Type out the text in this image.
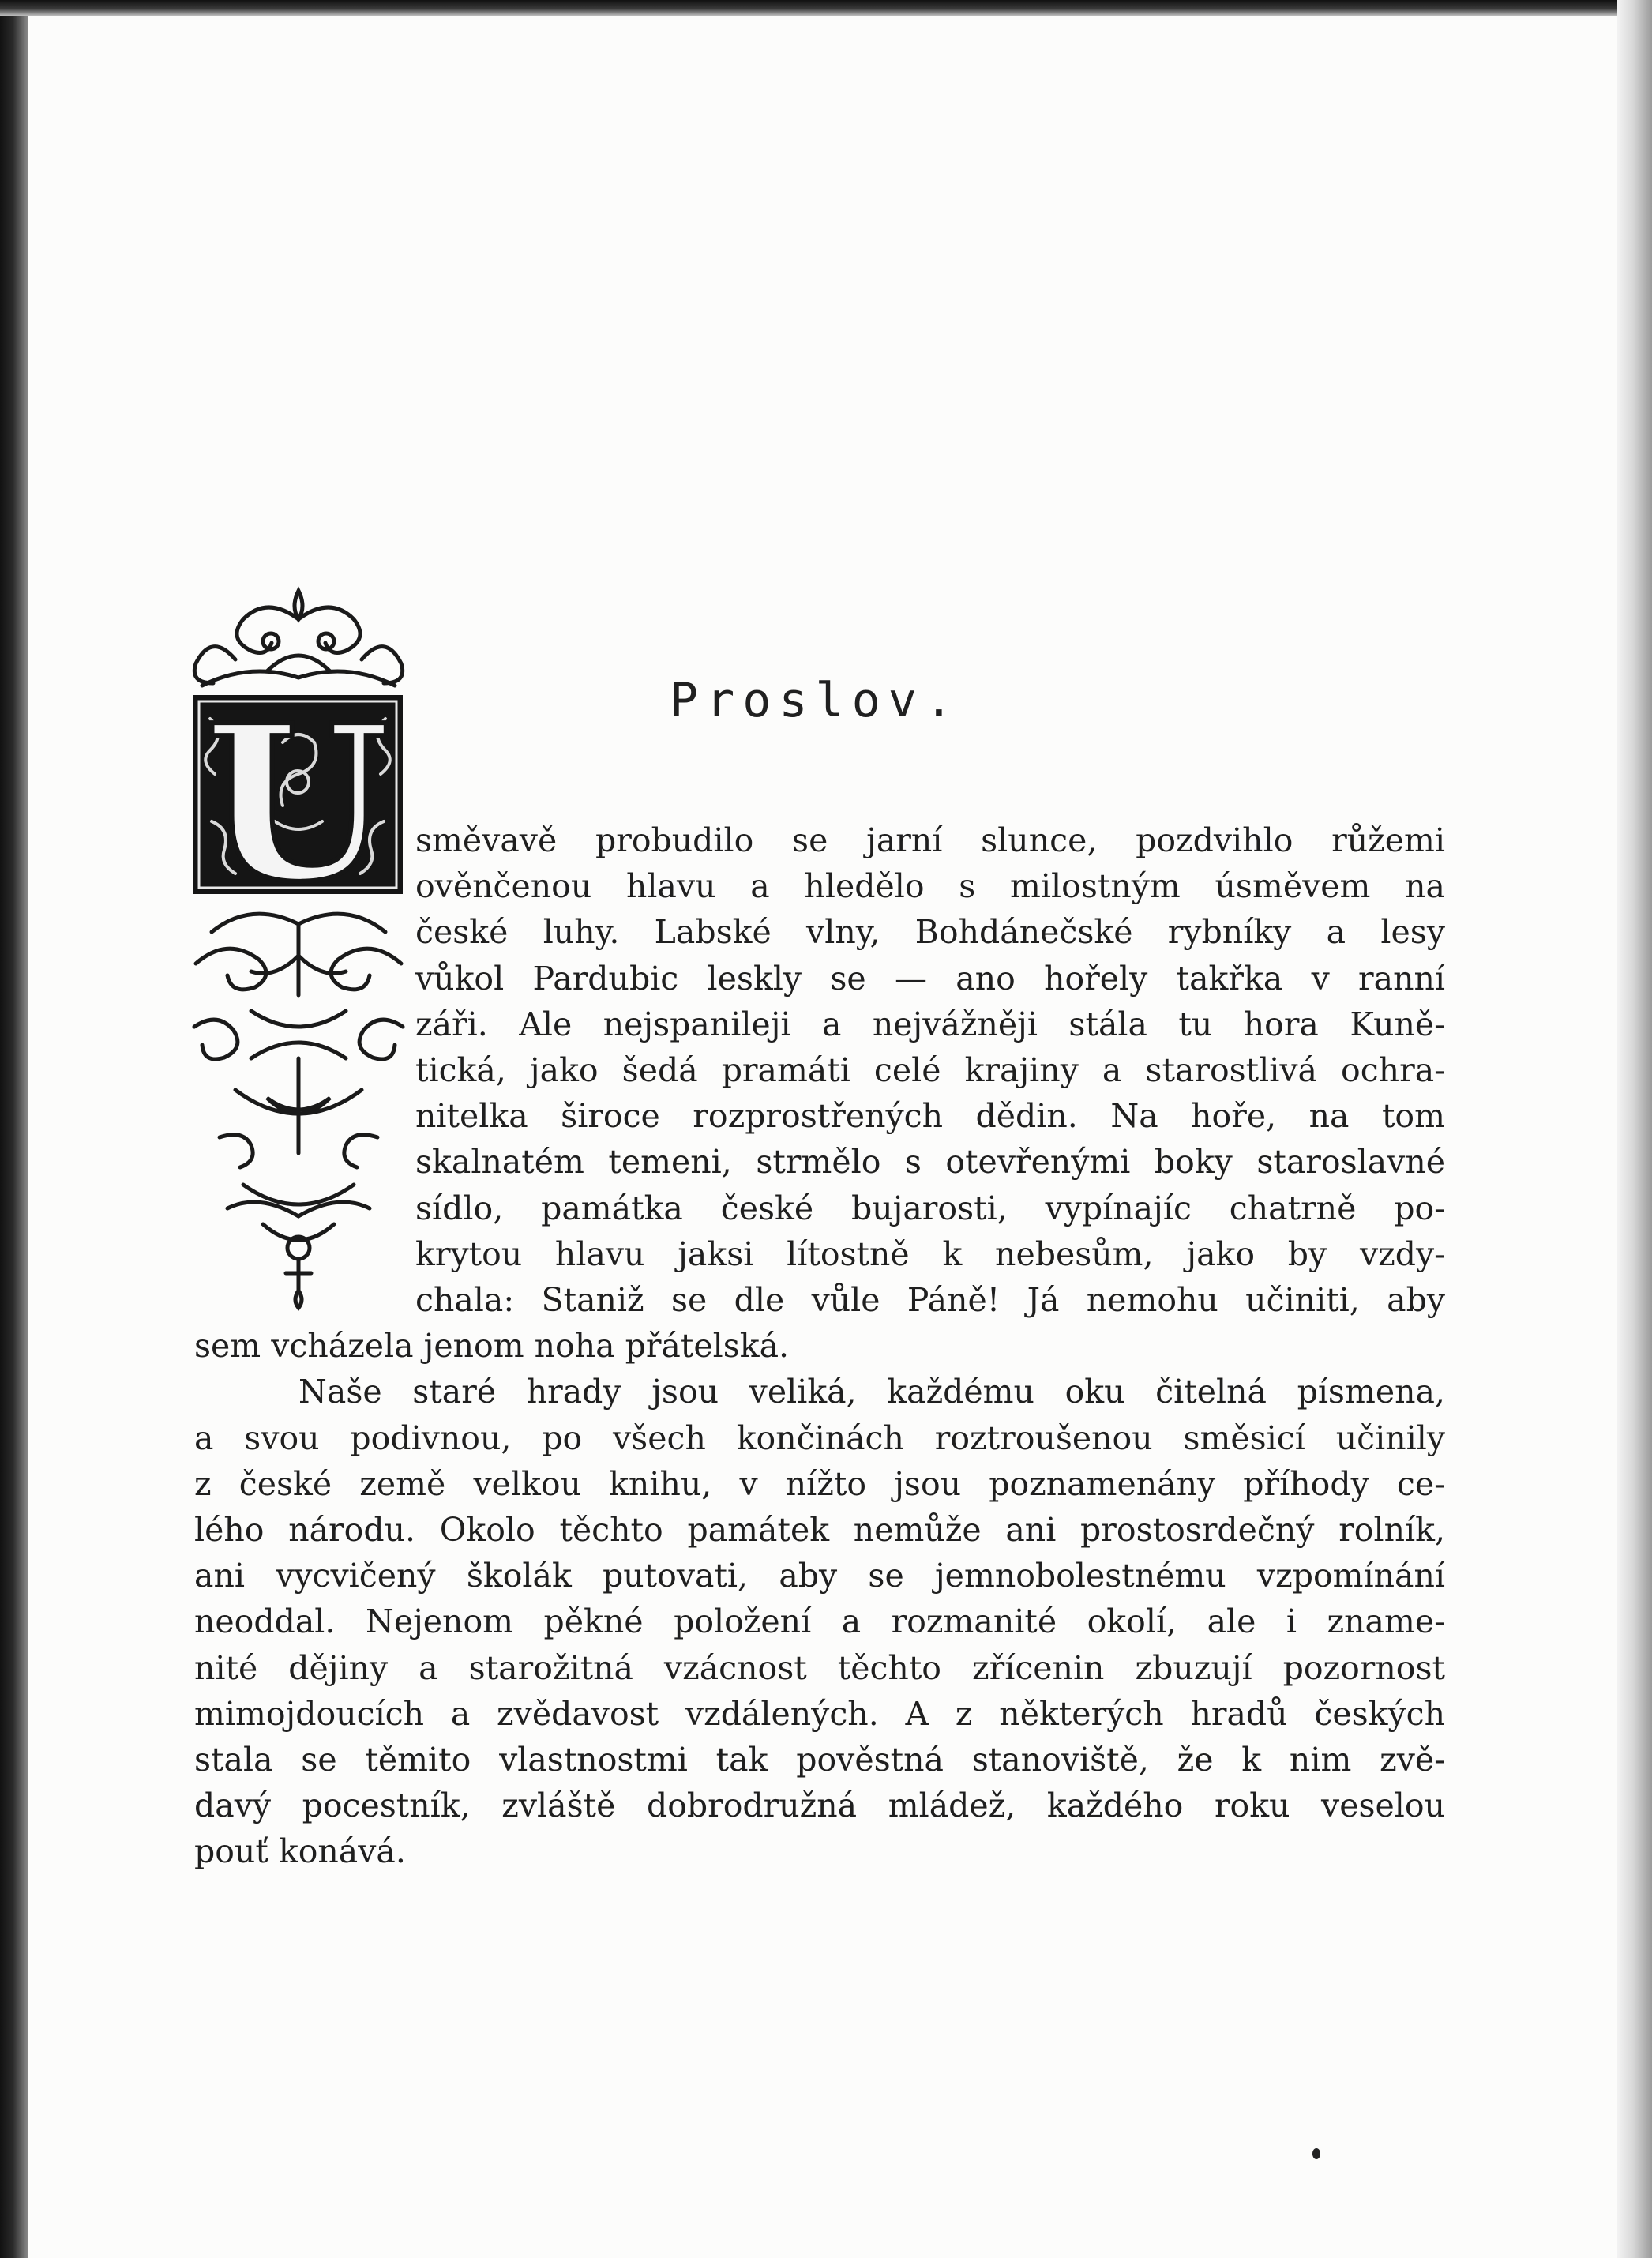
Proslov.
U směvavě probudilo se jarní slunce, pozdvihlo růžemi
ověnčenou hlavu a hledělo s milostným úsměvem na
české luhy. Labské vlny, Bohdánečské rybníky a lesy
vůkol Pardubic leskly se — ano hořely takřka v ranní
záři. Ale nejspanileji a nejvážněji stála tu hora Kuně-
tická, jako šedá pramáti celé krajiny a starostlivá ochra-
nitelka široce rozprostřených dědin. Na hoře, na tom
skalnatém temeni, strmělo s otevřenými boky staroslavné
sídlo, památka české bujarosti, vypínajíc chatrně po-
krytou hlavu jaksi lítostně k nebesům, jako by vzdy-
chala: Staniž se dle vůle Páně! Já nemohu učiniti, aby
sem vcházela jenom noha přátelská.

Naše staré hrady jsou veliká, každému oku čitelná písmena,
a svou podivnou, po všech končinách roztroušenou směsicí učinily
z české země velkou knihu, v nížto jsou poznamenány příhody ce-
lého národu. Okolo těchto památek nemůže ani prostosrdečný rolník,
ani vycvičený školák putovati, aby se jemnobolestnému vzpomínání
neoddal. Nejenom pěkné položení a rozmanité okolí, ale i zname-
nité dějiny a starožitná vzácnost těchto zřícenin zbuzují pozornost
mimojdoucích a zvědavost vzdálených. A z některých hradů českých
stala se těmito vlastnostmi tak pověstná stanoviště, že k nim zvě-
davý pocestník, zvláště dobrodružná mládež, každého roku veselou
pouť konává.
